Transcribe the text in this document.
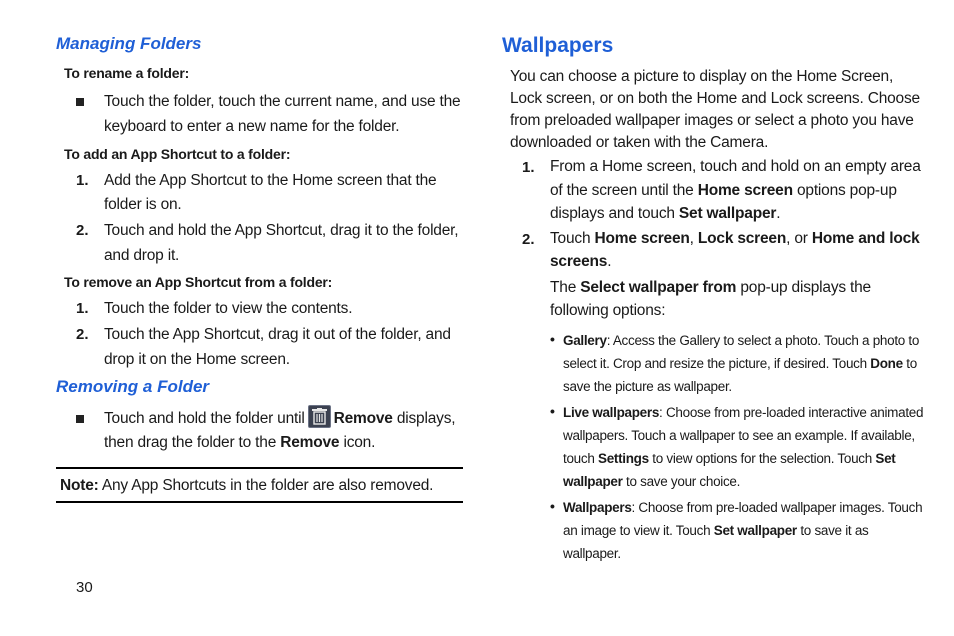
Managing Folders
To rename a folder:
Touch the folder, touch the current name, and use the
keyboard to enter a new name for the folder.
To add an App Shortcut to a folder:
1. Add the App Shortcut to the Home screen that the
folder is on.
2. Touch and hold the App Shortcut, drag it to the folder,
and drop it.
To remove an App Shortcut from a folder:
1. Touch the folder to view the contents.
2. Touch the App Shortcut, drag it out of the folder, and
drop it on the Home screen.
Removing a Folder
Touch and hold the folder until Remove displays,
then drag the folder to the Remove icon.
Note: Any App Shortcuts in the folder are also removed.
Wallpapers
You can choose a picture to display on the Home Screen,
Lock screen, or on both the Home and Lock screens. Choose
from preloaded wallpaper images or select a photo you have
downloaded or taken with the Camera.
1. From a Home screen, touch and hold on an empty area
of the screen until the Home screen options pop-up
displays and touch Set wallpaper.
2. Touch Home screen, Lock screen, or Home and lock
screens.
The Select wallpaper from pop-up displays the
following options:
• Gallery: Access the Gallery to select a photo. Touch a photo to
select it. Crop and resize the picture, if desired. Touch Done to
save the picture as wallpaper.
• Live wallpapers: Choose from pre-loaded interactive animated
wallpapers. Touch a wallpaper to see an example. If available,
touch Settings to view options for the selection. Touch Set
wallpaper to save your choice.
• Wallpapers: Choose from pre-loaded wallpaper images. Touch
an image to view it. Touch Set wallpaper to save it as
wallpaper.
30
